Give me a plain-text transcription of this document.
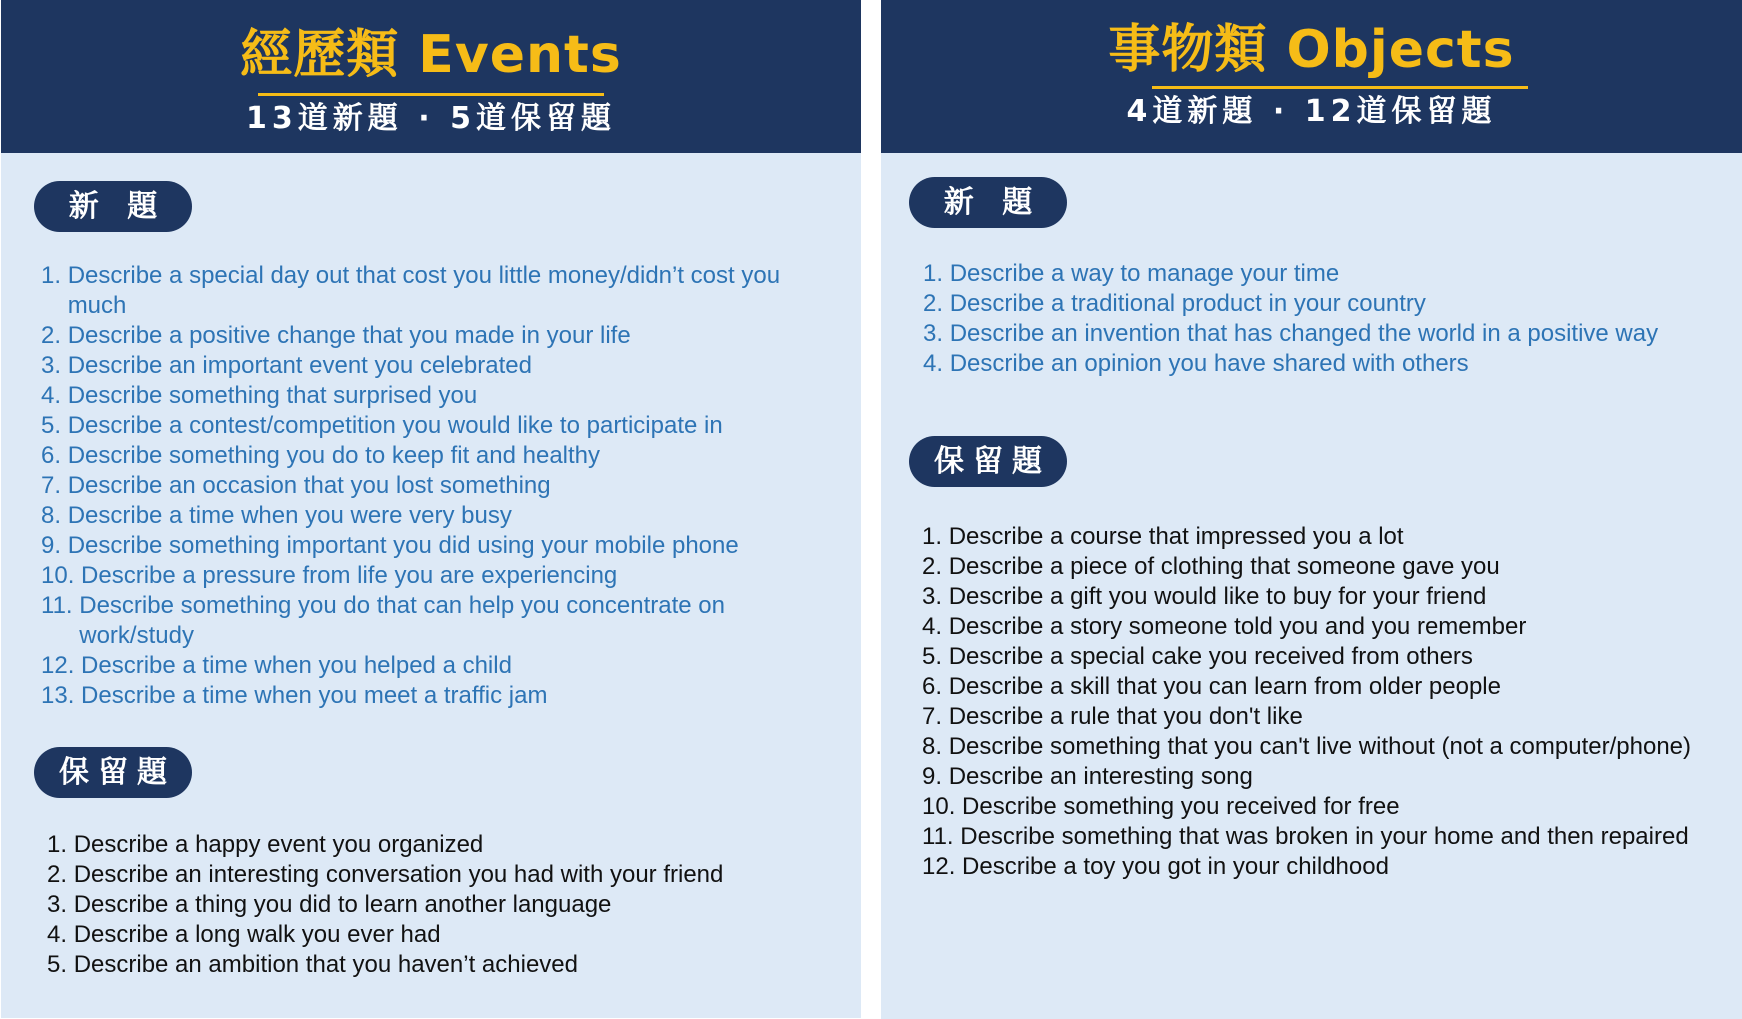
經歷類 Events
13道新題 · 5道保留題
新 題
1. Describe a special day out that cost you little money/didn’t cost you much
2. Describe a positive change that you made in your life
3. Describe an important event you celebrated
4. Describe something that surprised you
5. Describe a contest/competition you would like to participate in
6. Describe something you do to keep fit and healthy
7. Describe an occasion that you lost something
8. Describe a time when you were very busy
9. Describe something important you did using your mobile phone
10. Describe a pressure from life you are experiencing
11. Describe something you do that can help you concentrate on work/study
12. Describe a time when you helped a child
13. Describe a time when you meet a traffic jam
保留題
1. Describe a happy event you organized
2. Describe an interesting conversation you had with your friend
3. Describe a thing you did to learn another language
4. Describe a long walk you ever had
5. Describe an ambition that you haven’t achieved
事物類 Objects
4道新題 · 12道保留題
新 題
1. Describe a way to manage your time
2. Describe a traditional product in your country
3. Describe an invention that has changed the world in a positive way
4. Describe an opinion you have shared with others
保留題
1. Describe a course that impressed you a lot
2. Describe a piece of clothing that someone gave you
3. Describe a gift you would like to buy for your friend
4. Describe a story someone told you and you remember
5. Describe a special cake you received from others
6. Describe a skill that you can learn from older people
7. Describe a rule that you don't like
8. Describe something that you can't live without (not a computer/phone)
9. Describe an interesting song
10. Describe something you received for free
11. Describe something that was broken in your home and then repaired
12. Describe a toy you got in your childhood
